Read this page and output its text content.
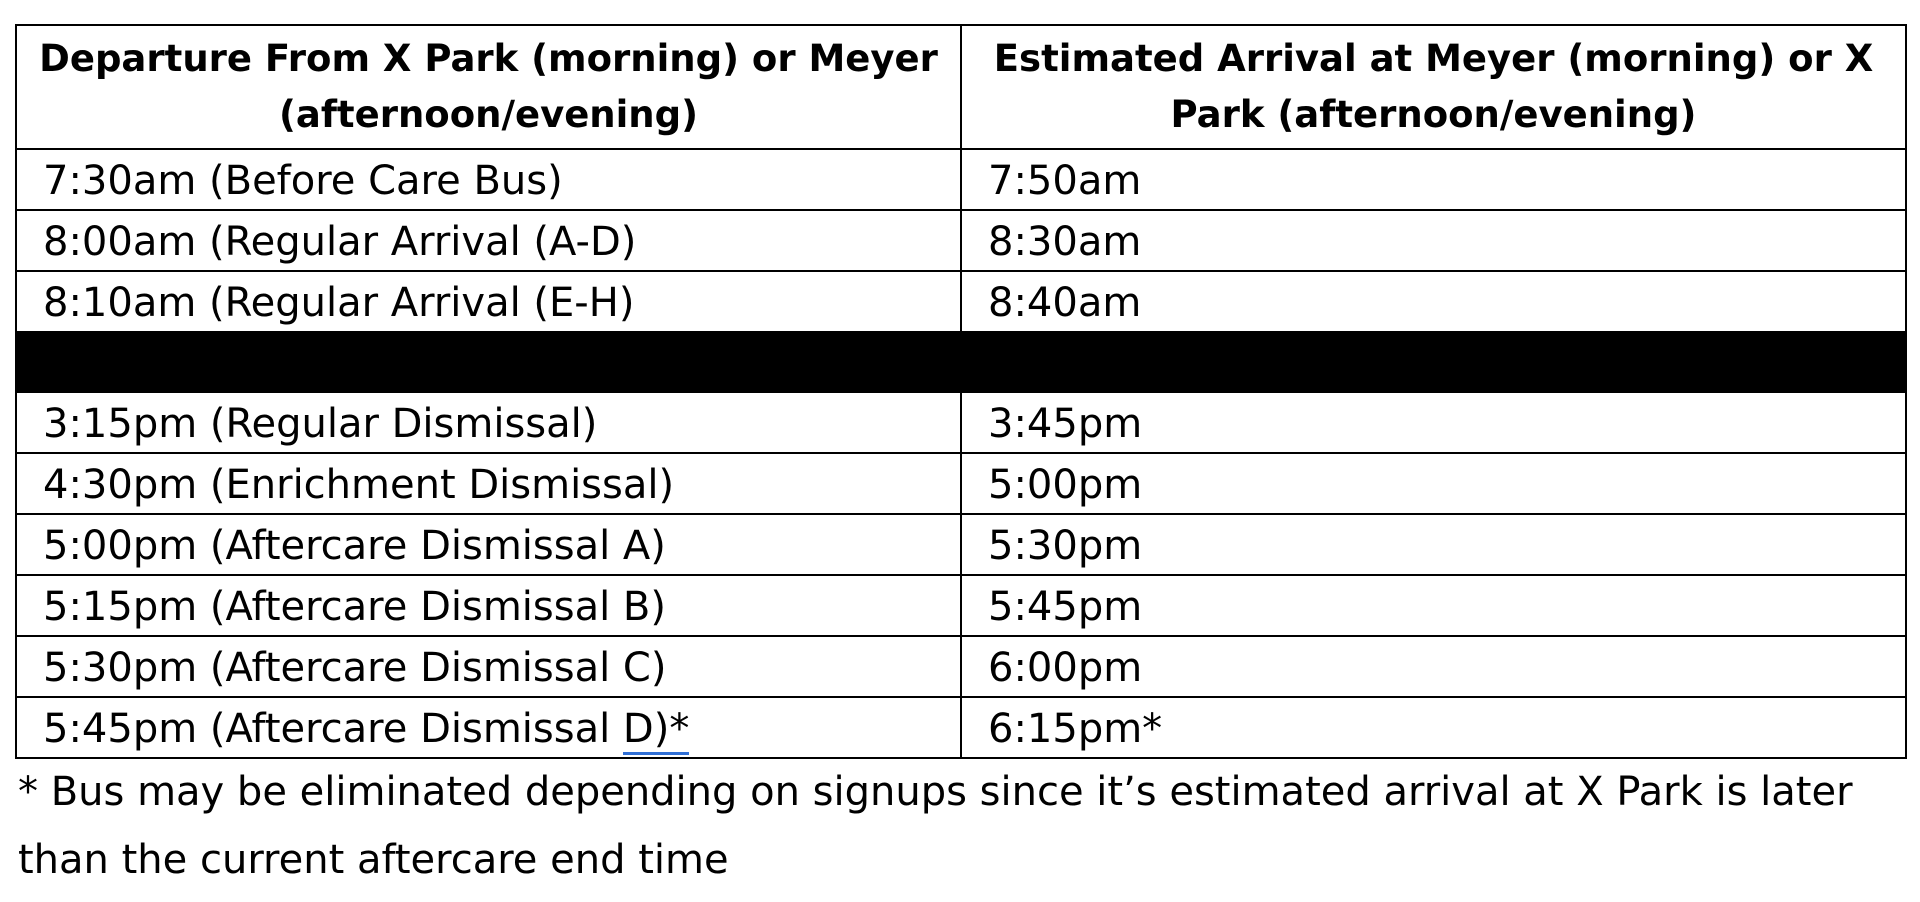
Departure From X Park (morning) or Meyer (afternoon/evening)	Estimated Arrival at Meyer (morning) or X Park (afternoon/evening)
7:30am (Before Care Bus)	7:50am
8:00am (Regular Arrival (A-D)	8:30am
8:10am (Regular Arrival (E-H)	8:40am

3:15pm (Regular Dismissal)	3:45pm
4:30pm (Enrichment Dismissal)	5:00pm
5:00pm (Aftercare Dismissal A)	5:30pm
5:15pm (Aftercare Dismissal B)	5:45pm
5:30pm (Aftercare Dismissal C)	6:00pm
5:45pm (Aftercare Dismissal D)*	6:15pm*

* Bus may be eliminated depending on signups since it’s estimated arrival at X Park is later than the current aftercare end time
